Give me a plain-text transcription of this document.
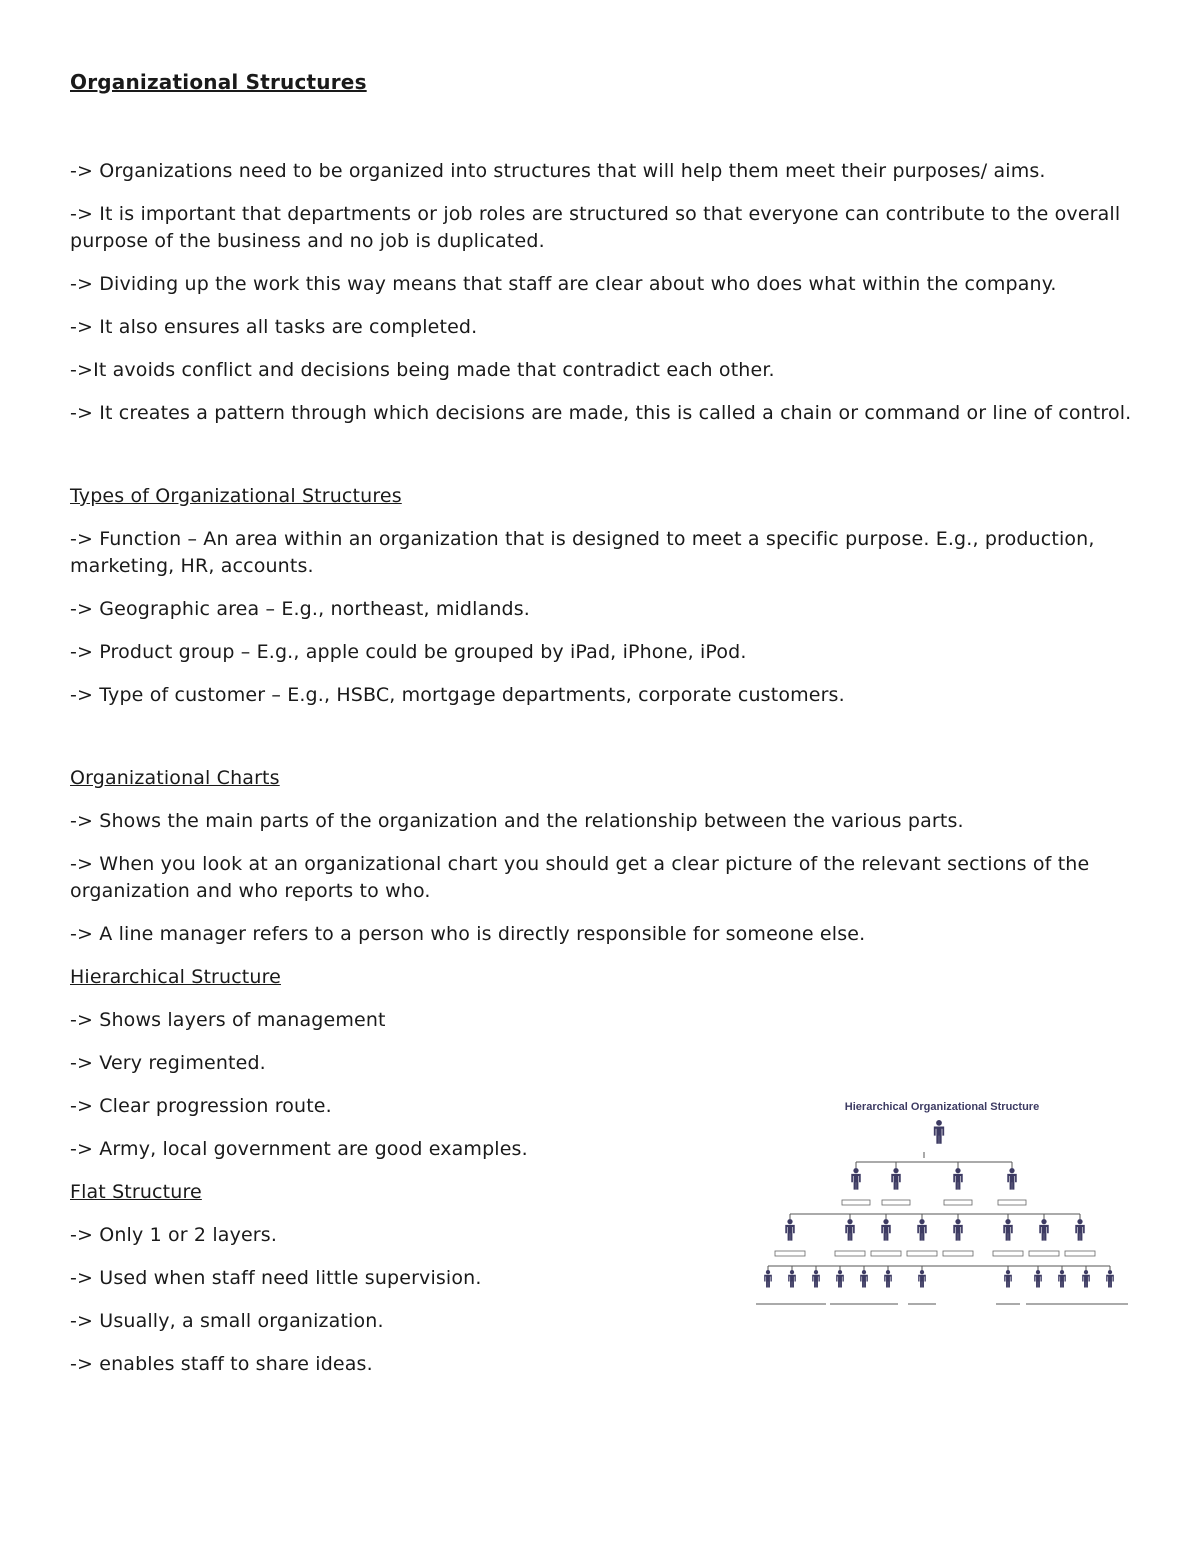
Organizational Structures

-> Organizations need to be organized into structures that will help them meet their purposes/ aims.

-> It is important that departments or job roles are structured so that everyone can contribute to the overall purpose of the business and no job is duplicated.

-> Dividing up the work this way means that staff are clear about who does what within the company.

-> It also ensures all tasks are completed.

->It avoids conflict and decisions being made that contradict each other.

-> It creates a pattern through which decisions are made, this is called a chain or command or line of control.

Types of Organizational Structures

-> Function – An area within an organization that is designed to meet a specific purpose. E.g., production, marketing, HR, accounts.

-> Geographic area – E.g., northeast, midlands.

-> Product group – E.g., apple could be grouped by iPad, iPhone, iPod.

-> Type of customer – E.g., HSBC, mortgage departments, corporate customers.

Organizational Charts

-> Shows the main parts of the organization and the relationship between the various parts.

-> When you look at an organizational chart you should get a clear picture of the relevant sections of the organization and who reports to who.

-> A line manager refers to a person who is directly responsible for someone else.

Hierarchical Structure

-> Shows layers of management

-> Very regimented.

-> Clear progression route.

-> Army, local government are good examples.

Flat Structure

-> Only 1 or 2 layers.

-> Used when staff need little supervision.

-> Usually, a small organization.

-> enables staff to share ideas.

Hierarchical Organizational Structure
